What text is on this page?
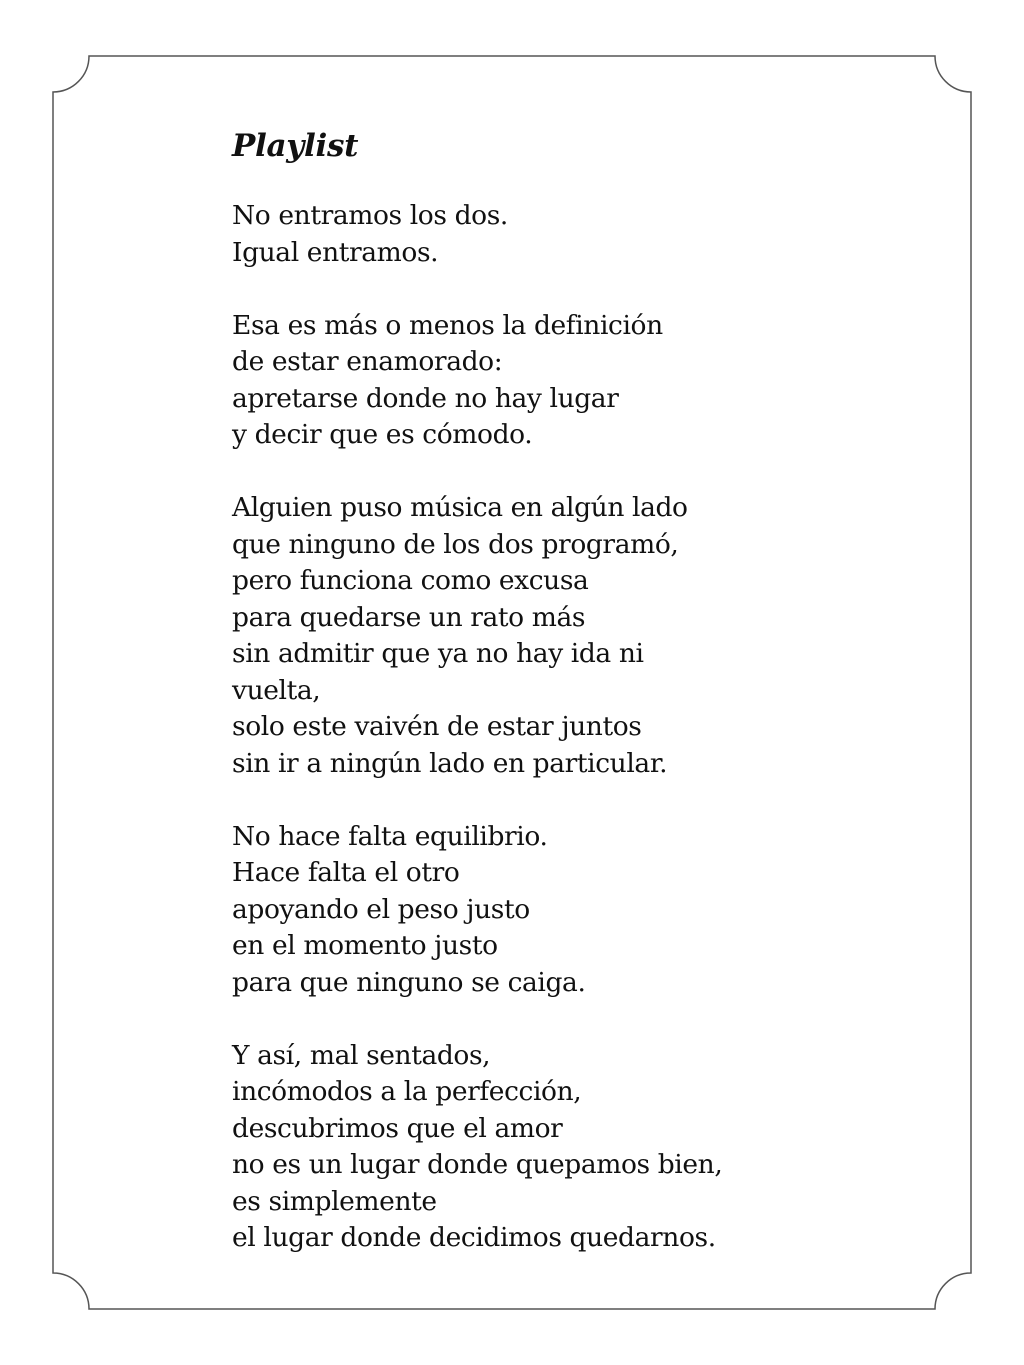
Playlist
No entramos los dos.
Igual entramos.
Esa es más o menos la definición
de estar enamorado:
apretarse donde no hay lugar
y decir que es cómodo.
Alguien puso música en algún lado
que ninguno de los dos programó,
pero funciona como excusa
para quedarse un rato más
sin admitir que ya no hay ida ni
vuelta,
solo este vaivén de estar juntos
sin ir a ningún lado en particular.
No hace falta equilibrio.
Hace falta el otro
apoyando el peso justo
en el momento justo
para que ninguno se caiga.
Y así, mal sentados,
incómodos a la perfección,
descubrimos que el amor
no es un lugar donde quepamos bien,
es simplemente
el lugar donde decidimos quedarnos.
